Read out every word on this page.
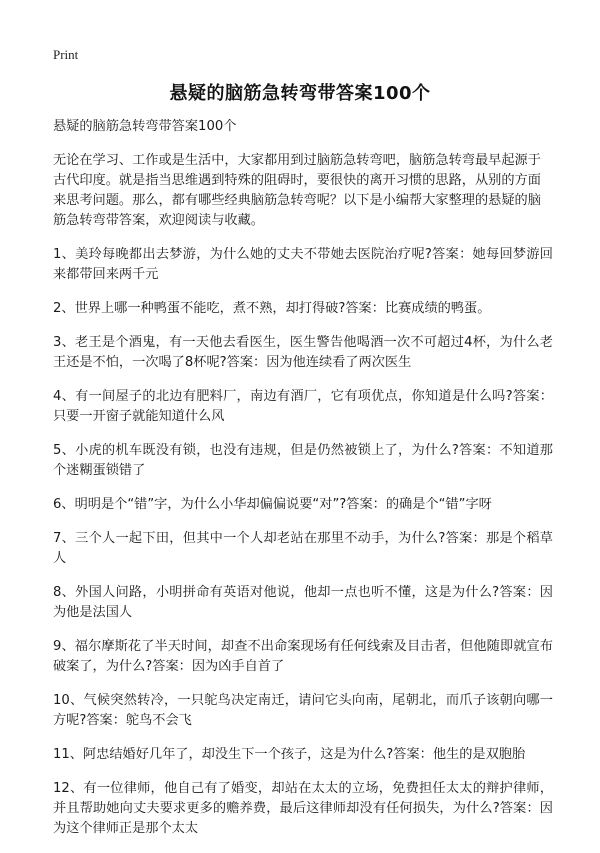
Print
悬疑的脑筋急转弯带答案100个

悬疑的脑筋急转弯带答案100个

无论在学习、工作或是生活中，大家都用到过脑筋急转弯吧，脑筋急转弯最早起源于古代印度。就是指当思维遇到特殊的阻碍时，要很快的离开习惯的思路，从别的方面来思考问题。那么，都有哪些经典脑筋急转弯呢？以下是小编帮大家整理的悬疑的脑筋急转弯带答案，欢迎阅读与收藏。

1、美玲每晚都出去梦游，为什么她的丈夫不带她去医院治疗呢?答案：她每回梦游回来都带回来两千元
2、世界上哪一种鸭蛋不能吃，煮不熟，却打得破?答案：比赛成绩的鸭蛋。
3、老王是个酒鬼，有一天他去看医生，医生警告他喝酒一次不可超过4杯，为什么老王还是不怕，一次喝了8杯呢?答案：因为他连续看了两次医生
4、有一间屋子的北边有肥料厂，南边有酒厂，它有项优点，你知道是什么吗?答案：只要一开窗子就能知道什么风
5、小虎的机车既没有锁，也没有违规，但是仍然被锁上了，为什么?答案：不知道那个迷糊蛋锁错了
6、明明是个“错”字，为什么小华却偏偏说要“对”?答案：的确是个“错”字呀
7、三个人一起下田，但其中一个人却老站在那里不动手，为什么?答案：那是个稻草人
8、外国人问路，小明拼命有英语对他说，他却一点也听不懂，这是为什么?答案：因为他是法国人
9、福尔摩斯花了半天时间，却查不出命案现场有任何线索及目击者，但他随即就宣布破案了，为什么?答案：因为凶手自首了
10、气候突然转冷，一只鸵鸟决定南迁，请问它头向南，尾朝北，而爪子该朝向哪一方呢?答案：鸵鸟不会飞
11、阿忠结婚好几年了，却没生下一个孩子，这是为什么?答案：他生的是双胞胎
12、有一位律师，他自己有了婚变，却站在太太的立场，免费担任太太的辩护律师，并且帮助她向丈夫要求更多的赡养费，最后这律师却没有任何损失，为什么?答案：因为这个律师正是那个太太
